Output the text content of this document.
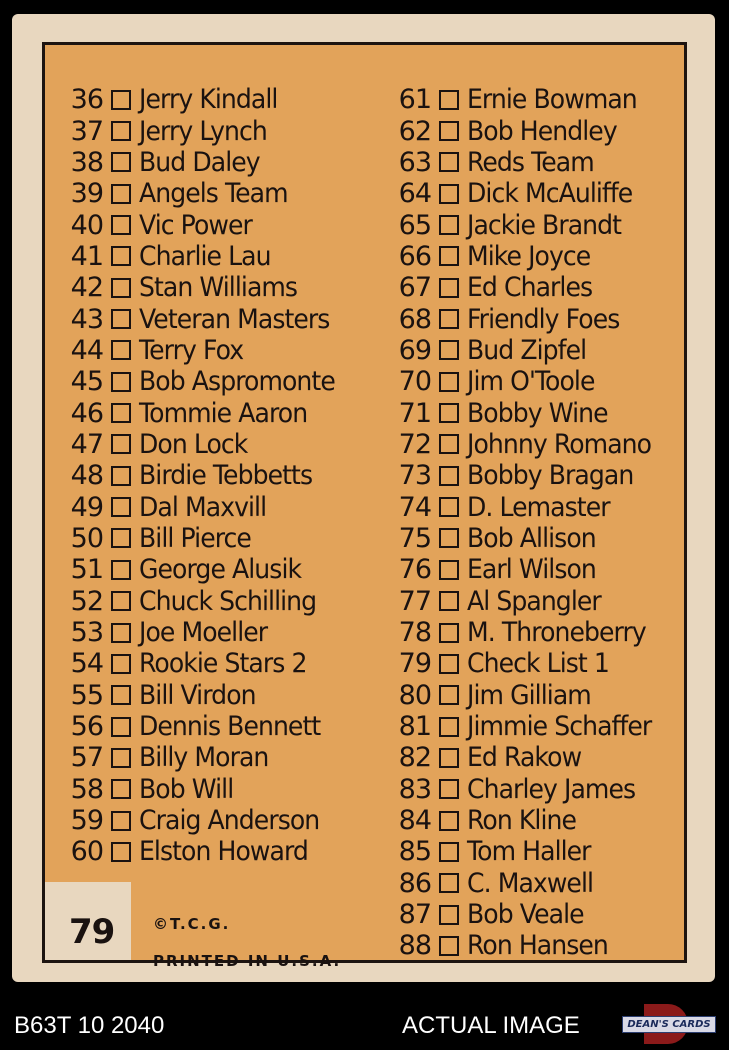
36 Jerry Kindall
37 Jerry Lynch
38 Bud Daley
39 Angels Team
40 Vic Power
41 Charlie Lau
42 Stan Williams
43 Veteran Masters
44 Terry Fox
45 Bob Aspromonte
46 Tommie Aaron
47 Don Lock
48 Birdie Tebbetts
49 Dal Maxvill
50 Bill Pierce
51 George Alusik
52 Chuck Schilling
53 Joe Moeller
54 Rookie Stars 2
55 Bill Virdon
56 Dennis Bennett
57 Billy Moran
58 Bob Will
59 Craig Anderson
60 Elston Howard
61 Ernie Bowman
62 Bob Hendley
63 Reds Team
64 Dick McAuliffe
65 Jackie Brandt
66 Mike Joyce
67 Ed Charles
68 Friendly Foes
69 Bud Zipfel
70 Jim O'Toole
71 Bobby Wine
72 Johnny Romano
73 Bobby Bragan
74 D. Lemaster
75 Bob Allison
76 Earl Wilson
77 Al Spangler
78 M. Throneberry
79 Check List 1
80 Jim Gilliam
81 Jimmie Schaffer
82 Ed Rakow
83 Charley James
84 Ron Kline
85 Tom Haller
86 C. Maxwell
87 Bob Veale
88 Ron Hansen
79	©T.C.G.
PRINTED IN U.S.A.
B63T 10 2040	ACTUAL IMAGE	DEAN'S CARDS
